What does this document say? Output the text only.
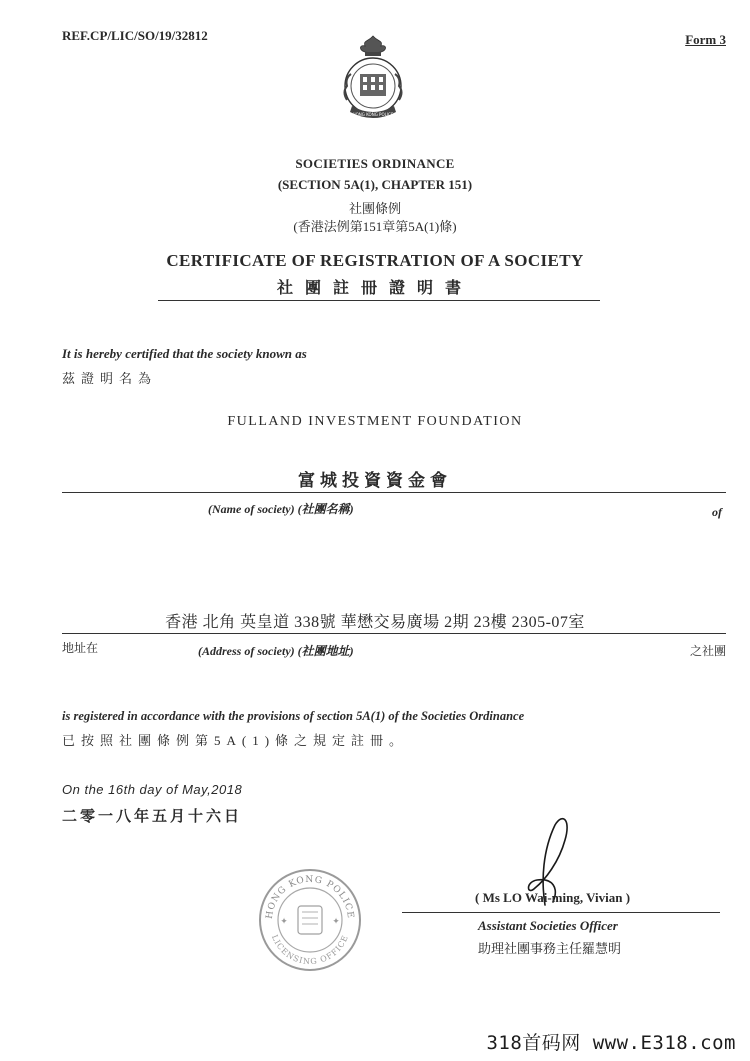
REF.CP/LIC/SO/19/32812	Form 3
HONG KONG POLICE
SOCIETIES ORDINANCE
(SECTION 5A(1), CHAPTER 151)
社團條例
(香港法例第151章第5A(1)條)
CERTIFICATE OF REGISTRATION OF A SOCIETY
社團註冊證明書
It is hereby certified that the society known as
茲證明名為
FULLAND INVESTMENT FOUNDATION
富城投資資金會
(Name of society) (社團名稱)	of
香港 北角 英皇道 338號 華懋交易廣場 2期 23樓 2305-07室
地址在	(Address of society) (社團地址)	之社團
is registered in accordance with the provisions of section 5A(1) of the Societies Ordinance
已按照社團條例第5A(1)條之規定註冊。
On the 16th day of May,2018
二零一八年五月十六日
HONG KONG POLICE
LICENSING OFFICE
✦	✦
( Ms LO Wai-ming, Vivian )
Assistant Societies Officer
助理社團事務主任羅慧明
318首码网 www.E318.com
